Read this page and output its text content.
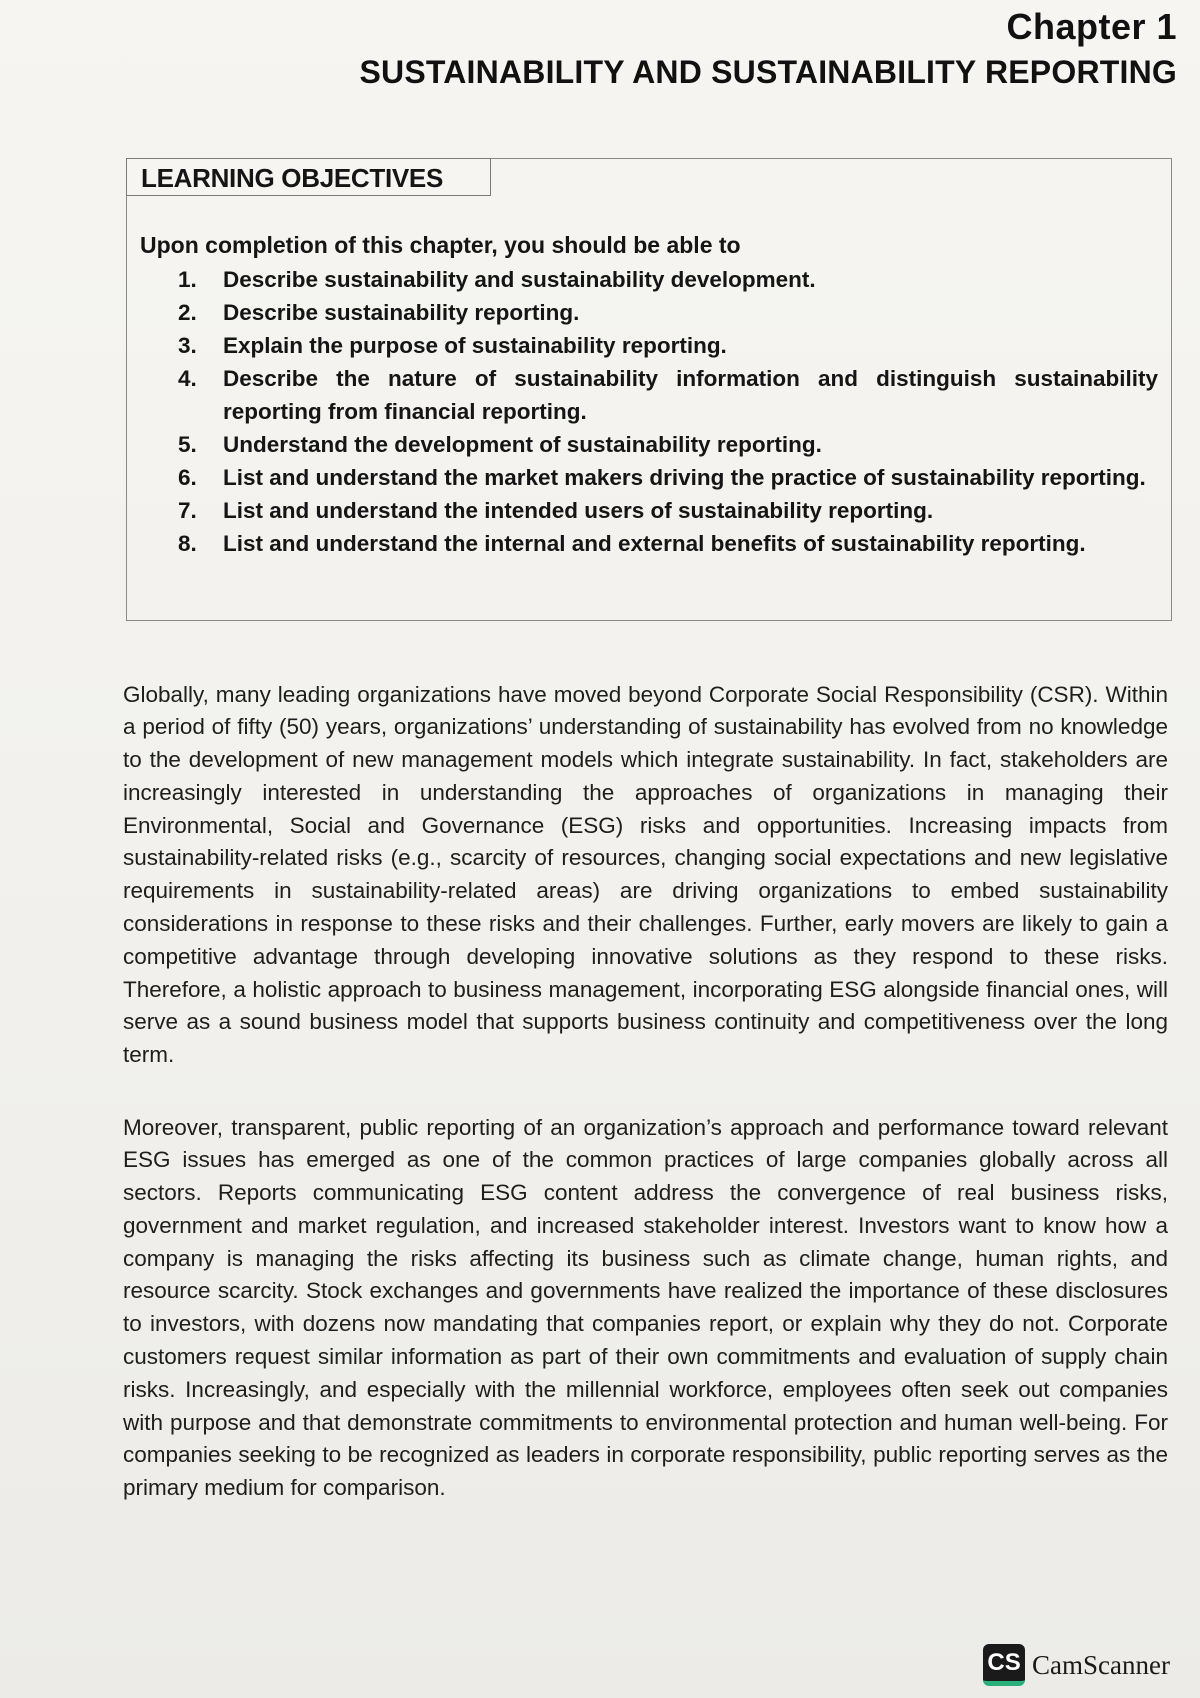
Chapter 1
SUSTAINABILITY AND SUSTAINABILITY REPORTING
LEARNING OBJECTIVES
Upon completion of this chapter, you should be able to
1.	Describe sustainability and sustainability development.
2.	Describe sustainability reporting.
3.	Explain the purpose of sustainability reporting.
4.	Describe the nature of sustainability information and distinguish sustainability reporting from financial reporting.
5.	Understand the development of sustainability reporting.
6.	List and understand the market makers driving the practice of sustainability reporting.
7.	List and understand the intended users of sustainability reporting.
8.	List and understand the internal and external benefits of sustainability reporting.

Globally, many leading organizations have moved beyond Corporate Social Responsibility (CSR). Within a period of fifty (50) years, organizations’ understanding of sustainability has evolved from no knowledge to the development of new management models which integrate sustainability. In fact, stakeholders are increasingly interested in understanding the approaches of organizations in managing their Environmental, Social and Governance (ESG) risks and opportunities. Increasing impacts from sustainability-related risks (e.g., scarcity of resources, changing social expectations and new legislative requirements in sustainability-related areas) are driving organizations to embed sustainability considerations in response to these risks and their challenges. Further, early movers are likely to gain a competitive advantage through developing innovative solutions as they respond to these risks. Therefore, a holistic approach to business management, incorporating ESG alongside financial ones, will serve as a sound business model that supports business continuity and competitiveness over the long term.

Moreover, transparent, public reporting of an organization’s approach and performance toward relevant ESG issues has emerged as one of the common practices of large companies globally across all sectors. Reports communicating ESG content address the convergence of real business risks, government and market regulation, and increased stakeholder interest. Investors want to know how a company is managing the risks affecting its business such as climate change, human rights, and resource scarcity. Stock exchanges and governments have realized the importance of these disclosures to investors, with dozens now mandating that companies report, or explain why they do not. Corporate customers request similar information as part of their own commitments and evaluation of supply chain risks. Increasingly, and especially with the millennial workforce, employees often seek out companies with purpose and that demonstrate commitments to environmental protection and human well-being. For companies seeking to be recognized as leaders in corporate responsibility, public reporting serves as the primary medium for comparison.

CS CamScanner
